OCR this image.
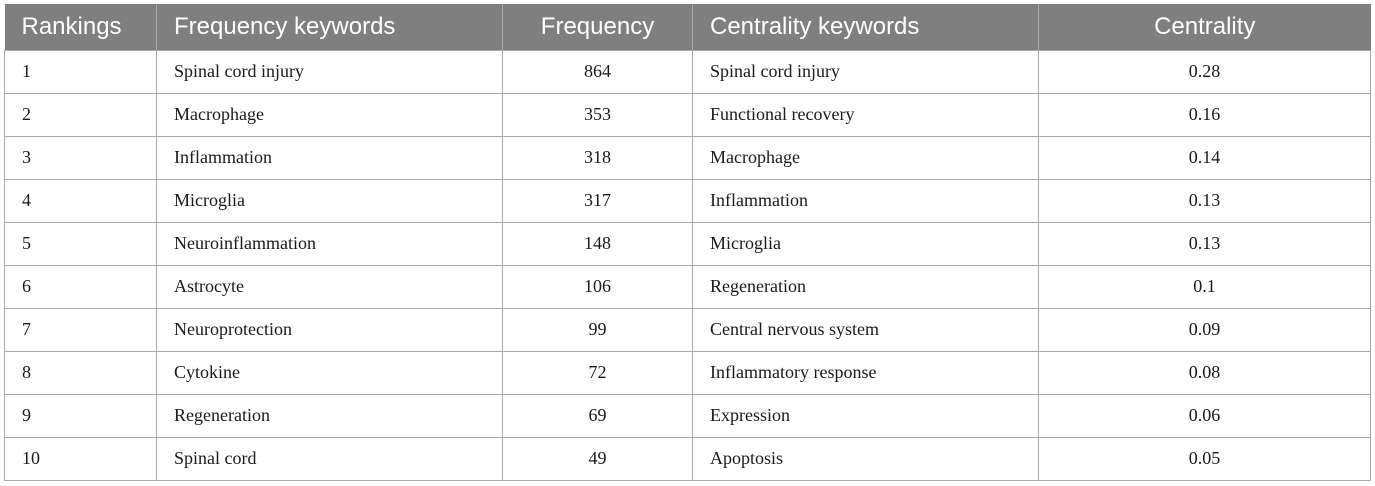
Rankings	Frequency keywords	Frequency	Centrality keywords	Centrality
1	Spinal cord injury	864	Spinal cord injury	0.28
2	Macrophage	353	Functional recovery	0.16
3	Inflammation	318	Macrophage	0.14
4	Microglia	317	Inflammation	0.13
5	Neuroinflammation	148	Microglia	0.13
6	Astrocyte	106	Regeneration	0.1
7	Neuroprotection	99	Central nervous system	0.09
8	Cytokine	72	Inflammatory response	0.08
9	Regeneration	69	Expression	0.06
10	Spinal cord	49	Apoptosis	0.05
